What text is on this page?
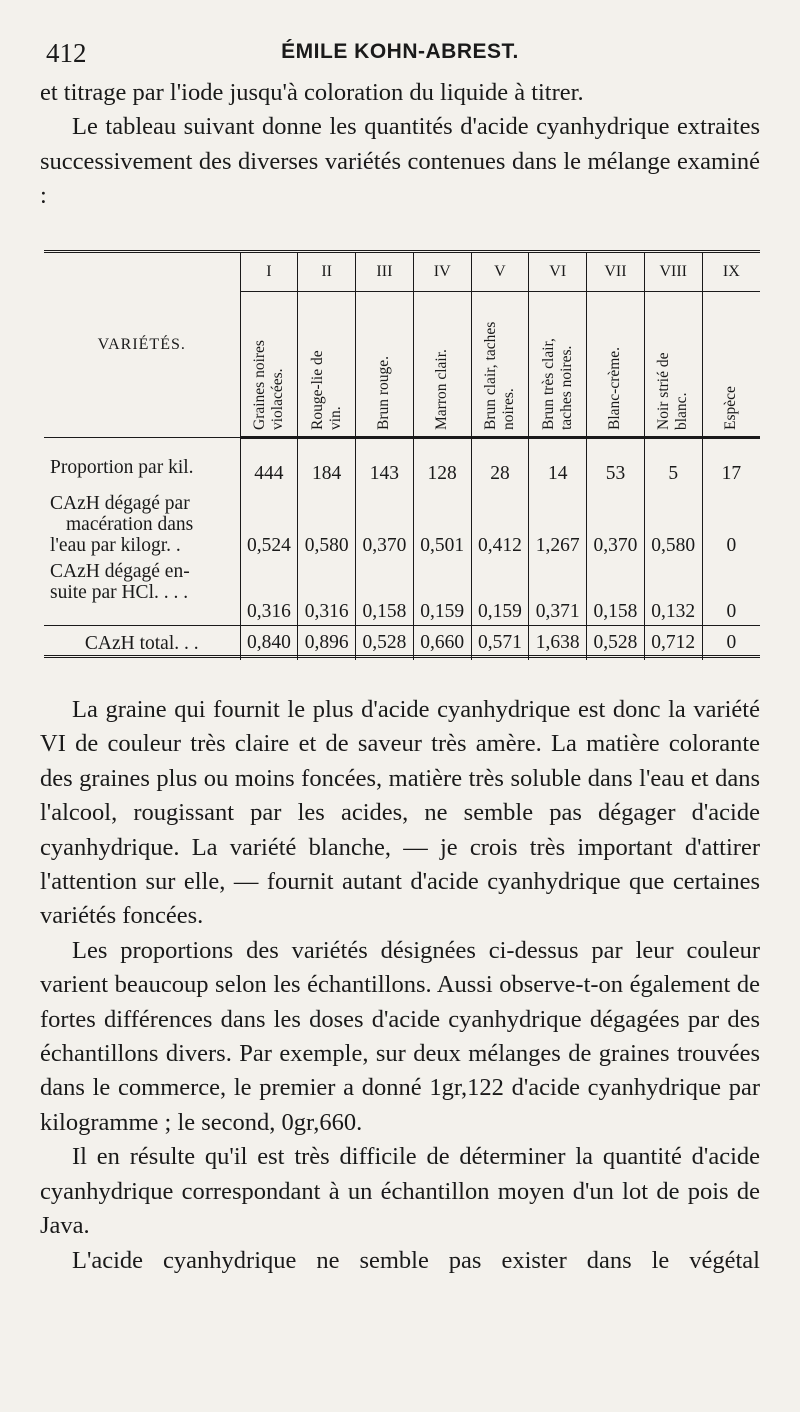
412	ÉMILE KOHN-ABREST.

et titrage par l'iode jusqu'à coloration du liquide à titrer.

Le tableau suivant donne les quantités d'acide cyanhydrique extraites successivement des diverses variétés contenues dans le mélange examiné :

VARIÉTÉS.	I	II	III	IV	V	VI	VII	VIII	IX

	Graines noires violacées.	Rouge-lie de vin.	Brun rouge.	Marron clair.	Brun clair, taches noires.	Brun très clair, taches noires.	Blanc-crème.	Noir strié de blanc.	Espèce

Proportion par kil.	444	184	143	128	28	14	53	5	17

CAzH dégagé par
macération dans
l'eau par kilogr. .	0,524	0,580	0,370	0,501	0,412	1,267	0,370	0,580	0

CAzH dégagé en-
suite par HCl. . . .	0,316	0,316	0,158	0,159	0,159	0,371	0,158	0,132	0

CAzH total. . .	0,840	0,896	0,528	0,660	0,571	1,638	0,528	0,712	0

La graine qui fournit le plus d'acide cyanhydrique est donc la variété VI de couleur très claire et de saveur très amère. La matière colorante des graines plus ou moins foncées, matière très soluble dans l'eau et dans l'alcool, rougissant par les acides, ne semble pas dégager d'acide cyanhydrique. La variété blanche, — je crois très important d'attirer l'attention sur elle, — fournit autant d'acide cyanhydrique que certaines variétés foncées.

Les proportions des variétés désignées ci-dessus par leur couleur varient beaucoup selon les échantillons. Aussi observe-t-on également de fortes différences dans les doses d'acide cyanhydrique dégagées par des échantillons divers. Par exemple, sur deux mélanges de graines trouvées dans le commerce, le premier a donné 1gr,122 d'acide cyanhydrique par kilogramme ; le second, 0gr,660.

Il en résulte qu'il est très difficile de déterminer la quantité d'acide cyanhydrique correspondant à un échantillon moyen d'un lot de pois de Java.

L'acide cyanhydrique ne semble pas exister dans le végétal
